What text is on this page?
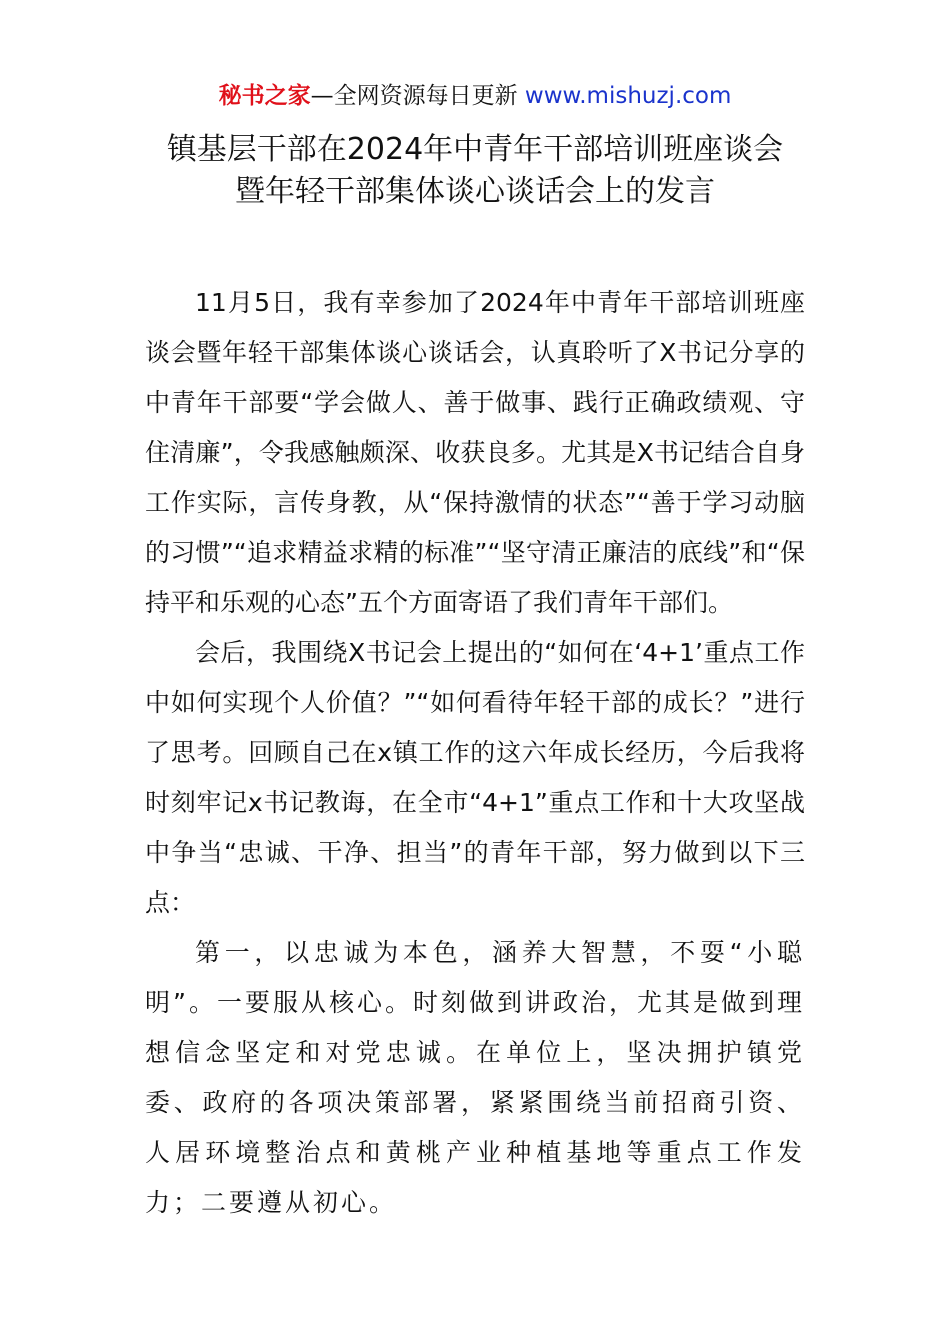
秘书之家—全网资源每日更新 www.mishuzj.com
镇基层干部在2024年中青年干部培训班座谈会
暨年轻干部集体谈心谈话会上的发言

11月5日，我有幸参加了2024年中青年干部培训班座谈会暨年轻干部集体谈心谈话会，认真聆听了X书记分享的中青年干部要“学会做人、善于做事、践行正确政绩观、守住清廉”，令我感触颇深、收获良多。尤其是X书记结合自身工作实际，言传身教，从“保持激情的状态”“善于学习动脑的习惯”“追求精益求精的标准”“坚守清正廉洁的底线”和“保持平和乐观的心态”五个方面寄语了我们青年干部们。

会后，我围绕X书记会上提出的“如何在‘4+1’重点工作中如何实现个人价值？”“如何看待年轻干部的成长？”进行了思考。回顾自己在x镇工作的这六年成长经历，今后我将时刻牢记x书记教诲，在全市“4+1”重点工作和十大攻坚战中争当“忠诚、干净、担当”的青年干部，努力做到以下三点：

第一，以忠诚为本色，涵养大智慧，不耍“小聪明”。一要服从核心。时刻做到讲政治，尤其是做到理想信念坚定和对党忠诚。在单位上，坚决拥护镇党委、政府的各项决策部署，紧紧围绕当前招商引资、人居环境整治点和黄桃产业种植基地等重点工作发力；二要遵从初心。
